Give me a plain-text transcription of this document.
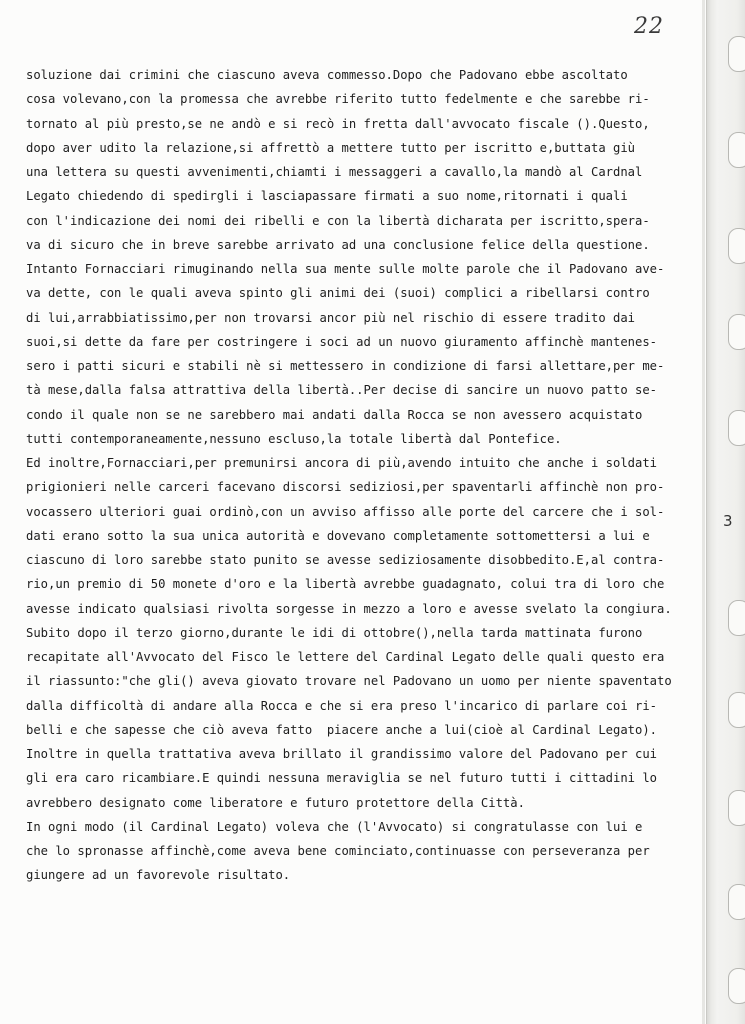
22
3
soluzione dai crimini che ciascuno aveva commesso.Dopo che Padovano ebbe ascoltato
cosa volevano,con la promessa che avrebbe riferito tutto fedelmente e che sarebbe ri-
tornato al più presto,se ne andò e si recò in fretta dall'avvocato fiscale ().Questo,
dopo aver udito la relazione,si affrettò a mettere tutto per iscritto e,buttata giù
una lettera su questi avvenimenti,chiamti i messaggeri a cavallo,la mandò al Cardnal
Legato chiedendo di spedirgli i lasciapassare firmati a suo nome,ritornati i quali
con l'indicazione dei nomi dei ribelli e con la libertà dicharata per iscritto,spera-
va di sicuro che in breve sarebbe arrivato ad una conclusione felice della questione.
Intanto Fornacciari rimuginando nella sua mente sulle molte parole che il Padovano ave-
va dette, con le quali aveva spinto gli animi dei (suoi) complici a ribellarsi contro
di lui,arrabbiatissimo,per non trovarsi ancor più nel rischio di essere tradito dai
suoi,si dette da fare per costringere i soci ad un nuovo giuramento affinchè mantenes-
sero i patti sicuri e stabili nè si mettessero in condizione di farsi allettare,per me-
tà mese,dalla falsa attrattiva della libertà..Per decise di sancire un nuovo patto se-
condo il quale non se ne sarebbero mai andati dalla Rocca se non avessero acquistato
tutti contemporaneamente,nessuno escluso,la totale libertà dal Pontefice.
Ed inoltre,Fornacciari,per premunirsi ancora di più,avendo intuito che anche i soldati
prigionieri nelle carceri facevano discorsi sediziosi,per spaventarli affinchè non pro-
vocassero ulteriori guai ordinò,con un avviso affisso alle porte del carcere che i sol-
dati erano sotto la sua unica autorità e dovevano completamente sottomettersi a lui e
ciascuno di loro sarebbe stato punito se avesse sediziosamente disobbedito.E,al contra-
rio,un premio di 50 monete d'oro e la libertà avrebbe guadagnato, colui tra di loro che
avesse indicato qualsiasi rivolta sorgesse in mezzo a loro e avesse svelato la congiura.
Subito dopo il terzo giorno,durante le idi di ottobre(),nella tarda mattinata furono
recapitate all'Avvocato del Fisco le lettere del Cardinal Legato delle quali questo era
il riassunto:"che gli() aveva giovato trovare nel Padovano un uomo per niente spaventato
dalla difficoltà di andare alla Rocca e che si era preso l'incarico di parlare coi ri-
belli e che sapesse che ciò aveva fatto  piacere anche a lui(cioè al Cardinal Legato).
Inoltre in quella trattativa aveva brillato il grandissimo valore del Padovano per cui
gli era caro ricambiare.E quindi nessuna meraviglia se nel futuro tutti i cittadini lo
avrebbero designato come liberatore e futuro protettore della Città.
In ogni modo (il Cardinal Legato) voleva che (l'Avvocato) si congratulasse con lui e
che lo spronasse affinchè,come aveva bene cominciato,continuasse con perseveranza per
giungere ad un favorevole risultato.
